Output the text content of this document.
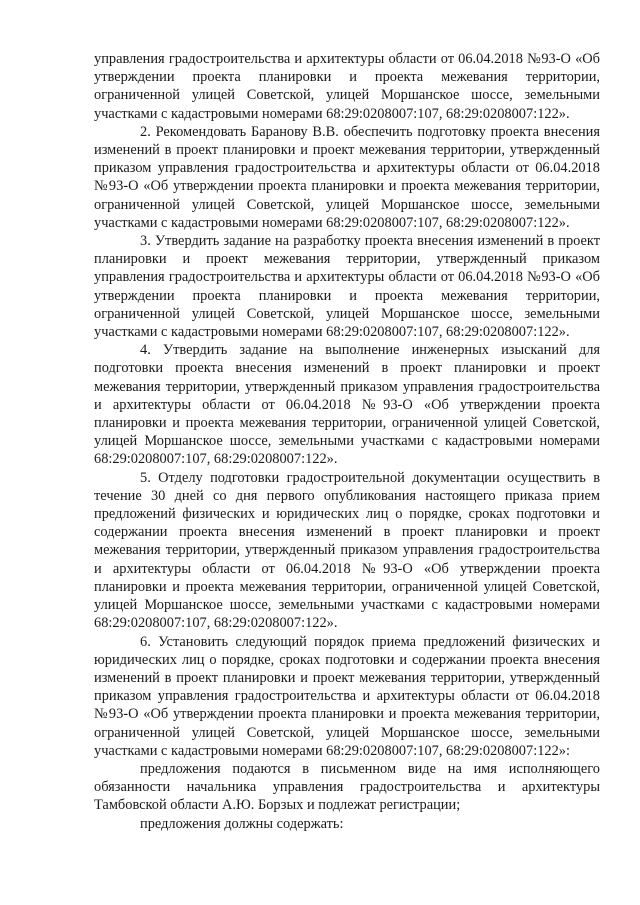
управления градостроительства и архитектуры области от 06.04.2018 №93-О «Об утверждении проекта планировки и проекта межевания территории, ограниченной улицей Советской, улицей Моршанское шоссе, земельными участками с кадастровыми номерами 68:29:0208007:107, 68:29:0208007:122».

2. Рекомендовать Баранову В.В. обеспечить подготовку проекта внесения изменений в проект планировки и проект межевания территории, утвержденный приказом управления градостроительства и архитектуры области от 06.04.2018 №93-О «Об утверждении проекта планировки и проекта межевания территории, ограниченной улицей Советской, улицей Моршанское шоссе, земельными участками с кадастровыми номерами 68:29:0208007:107, 68:29:0208007:122».

3. Утвердить задание на разработку проекта внесения изменений в проект планировки и проект межевания территории, утвержденный приказом управления градостроительства и архитектуры области от 06.04.2018 №93-О «Об утверждении проекта планировки и проекта межевания территории, ограниченной улицей Советской, улицей Моршанское шоссе, земельными участками с кадастровыми номерами 68:29:0208007:107, 68:29:0208007:122».

4. Утвердить задание на выполнение инженерных изысканий для подготовки проекта внесения изменений в проект планировки и проект межевания территории, утвержденный приказом управления градостроительства и архитектуры области от 06.04.2018 №93-О «Об утверждении проекта планировки и проекта межевания территории, ограниченной улицей Советской, улицей Моршанское шоссе, земельными участками с кадастровыми номерами 68:29:0208007:107, 68:29:0208007:122».

5. Отделу подготовки градостроительной документации осуществить в течение 30 дней со дня первого опубликования настоящего приказа прием предложений физических и юридических лиц о порядке, сроках подготовки и содержании проекта внесения изменений в проект планировки и проект межевания территории, утвержденный приказом управления градостроительства и архитектуры области от 06.04.2018 №93-О «Об утверждении проекта планировки и проекта межевания территории, ограниченной улицей Советской, улицей Моршанское шоссе, земельными участками с кадастровыми номерами 68:29:0208007:107, 68:29:0208007:122».

6. Установить следующий порядок приема предложений физических и юридических лиц о порядке, сроках подготовки и содержании проекта внесения изменений в проект планировки и проект межевания территории, утвержденный приказом управления градостроительства и архитектуры области от 06.04.2018 №93-О «Об утверждении проекта планировки и проекта межевания территории, ограниченной улицей Советской, улицей Моршанское шоссе, земельными участками с кадастровыми номерами 68:29:0208007:107, 68:29:0208007:122»:

предложения подаются в письменном виде на имя исполняющего обязанности начальника управления градостроительства и архитектуры Тамбовской области А.Ю. Борзых и подлежат регистрации;

предложения должны содержать:
